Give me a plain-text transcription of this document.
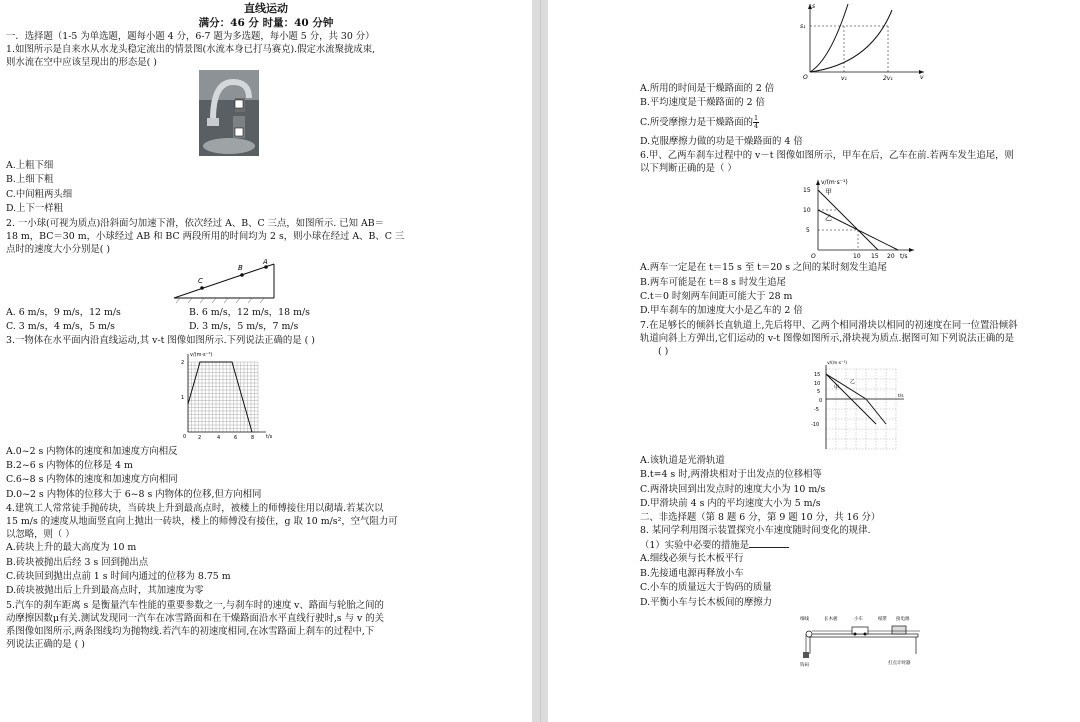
直线运动
满分：46 分 时量：40 分钟
一．选择题（1-5 为单选题，题每小题 4 分，6-7 题为多选题，每小题 5 分，共 30 分）
1.如图所示是自来水从水龙头稳定流出的情景图(水流本身已打马赛克).假定水流聚拢成束,
则水流在空中应该呈现出的形态是( )
A.上粗下细
B.上细下粗
C.中间粗两头细
D.上下一样粗
2. 一小球(可视为质点)沿斜面匀加速下滑，依次经过 A、B、C 三点，如图所示. 已知 AB＝
18 m，BC＝30 m，小球经过 AB 和 BC 两段所用的时间均为 2 s，则小球在经过 A、B、C 三
点时的速度大小分别是( )
C
B
A
A. 6 m/s，9 m/s，12 m/s	B. 6 m/s，12 m/s，18 m/s
C. 3 m/s，4 m/s，5 m/s	D. 3 m/s，5 m/s，7 m/s
3.一物体在水平面内沿直线运动,其 v-t 图像如图所示.下列说法正确的是 ( )
v/(m·s⁻¹)
t/s
2
1
0 2	4	6	8
A.0~2 s 内物体的速度和加速度方向相反
B.2~6 s 内物体的位移是 4 m
C.6~8 s 内物体的速度和加速度方向相同
D.0~2 s 内物体的位移大于 6~8 s 内物体的位移,但方向相同
4.建筑工人常常徒手抛砖块，当砖块上升到最高点时，被楼上的师傅接住用以砌墙.若某次以
15 m/s 的速度从地面竖直向上抛出一砖块，楼上的师傅没有接住，g 取 10 m/s²，空气阻力可
以忽略，则（ ）
A.砖块上升的最大高度为 10 m
B.砖块被抛出后经 3 s 回到抛出点
C.砖块回到抛出点前 1 s 时间内通过的位移为 8.75 m
D.砖块被抛出后上升到最高点时，其加速度为零
5.汽车的刹车距离 s 是衡量汽车性能的重要参数之一,与刹车时的速度 v、路面与轮胎之间的
动摩擦因数μ有关.测试发现同一汽车在冰雪路面和在干燥路面沿水平直线行驶时,s 与 v 的关
系图像如图所示,两条图线均为抛物线.若汽车的初速度相同,在冰雪路面上刹车的过程中,下
列说法正确的是 ( )
s
v
O
s₁
v₁	2v₁
A.所用的时间是干燥路面的 2 倍
B.平均速度是干燥路面的 2 倍
C.所受摩擦力是干燥路面的 $\frac{1}{4}$
D.克服摩擦力做的功是干燥路面的 4 倍
6.甲、乙两车刹车过程中的 v－t 图像如图所示，甲车在后，乙车在前.若两车发生追尾，则
以下判断正确的是（ ）
v/(m·s⁻¹)
t/s
15
10
5
O	10 15 20
甲
乙
A.两车一定是在 t＝15 s 至 t＝20 s 之间的某时刻发生追尾
B.两车可能是在 t＝8 s 时发生追尾
C.t＝0 时刻两车间距可能大于 28 m
D.甲车刹车的加速度大小是乙车的 2 倍
7.在足够长的倾斜长直轨道上,先后将甲、乙两个相同滑块以相同的初速度在同一位置沿倾斜
轨道向斜上方弹出,它们运动的 v-t 图像如图所示,滑块视为质点.据图可知下列说法正确的是
( )
v/(m·s⁻¹)
t/s
15
10
5
0
-5
-10
乙
甲
A.该轨道是光滑轨道
B.t=4 s 时,两滑块相对于出发点的位移相等
C.两滑块回到出发点时的速度大小为 10 m/s
D.甲滑块前 4 s 内的平均速度大小为 5 m/s
二、非选择题（第 8 题 6 分，第 9 题 10 分，共 16 分）
8. 某同学利用图示装置探究小车速度随时间变化的规律.
（1）实验中必要的措施是
A.细线必须与长木板平行
B.先接通电源再释放小车
C.小车的质量远大于钩码的质量
D.平衡小车与长木板间的摩擦力
细线	长木板	小车	纸带 接电源
钩码	打点计时器
